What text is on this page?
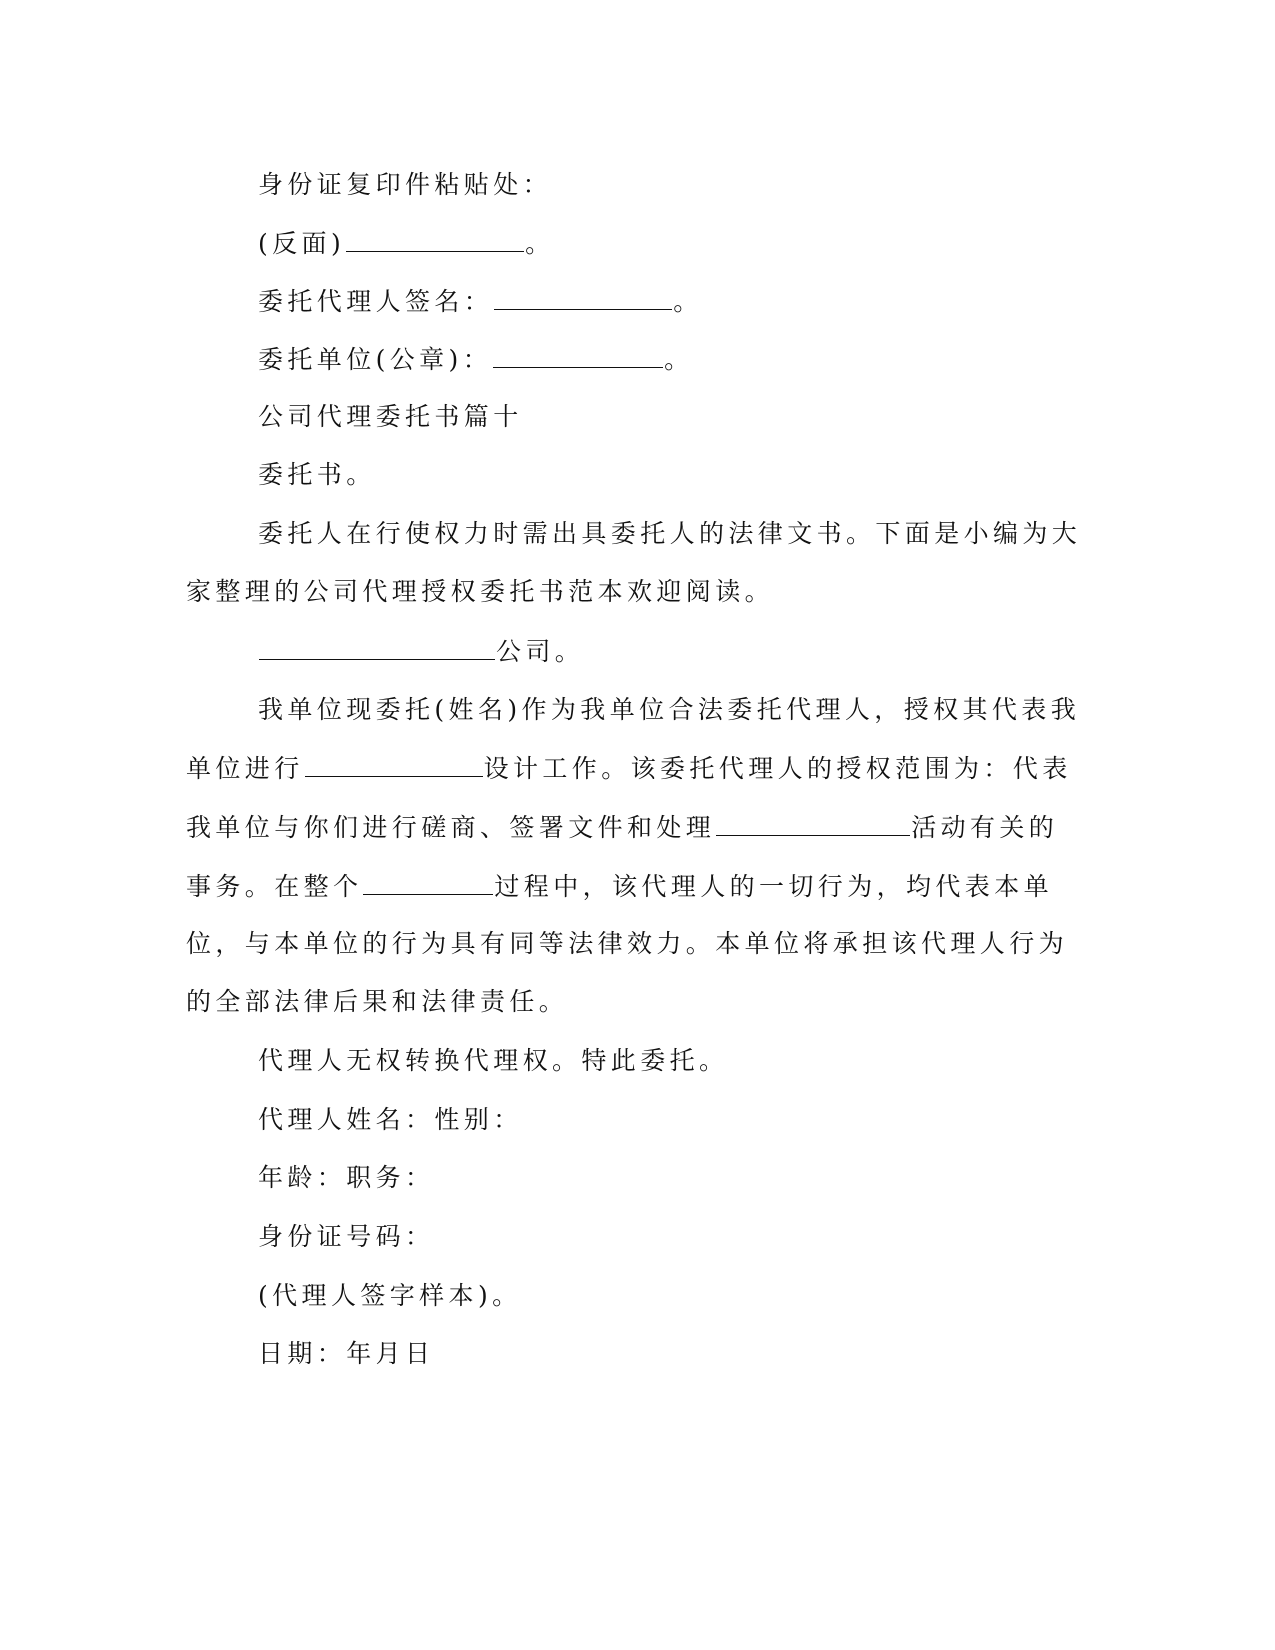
身份证复印件粘贴处：
(反面)	。
委托代理人签名：	。
委托单位(公章)：	。
公司代理委托书篇十
委托书。
委托人在行使权力时需出具委托人的法律文书。下面是小编为大
家整理的公司代理授权委托书范本欢迎阅读。
公司。
我单位现委托(姓名)作为我单位合法委托代理人，授权其代表我
单位进行	设计工作。该委托代理人的授权范围为：代表
我单位与你们进行磋商、签署文件和处理	活动有关的
事务。在整个	过程中，该代理人的一切行为，均代表本单
位，与本单位的行为具有同等法律效力。本单位将承担该代理人行为
的全部法律后果和法律责任。
代理人无权转换代理权。特此委托。
代理人姓名：性别：
年龄：职务：
身份证号码：
(代理人签字样本)。
日期：年月日
